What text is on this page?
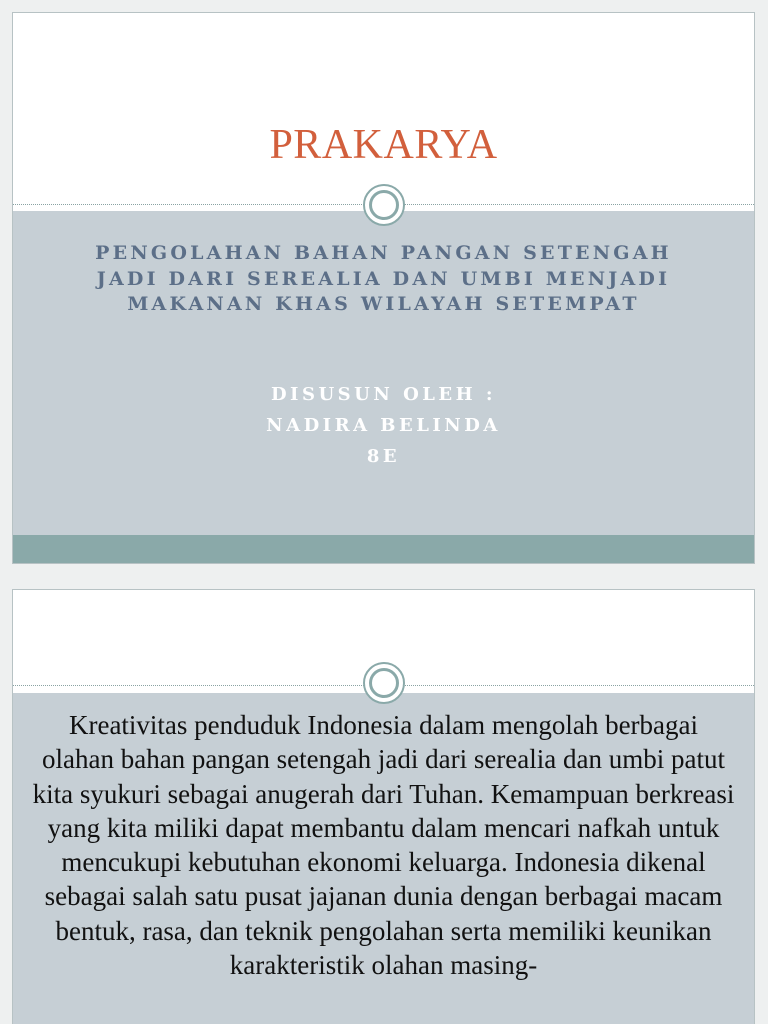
PRAKARYA
PENGOLAHAN BAHAN PANGAN SETENGAH JADI DARI SEREALIA DAN UMBI MENJADI MAKANAN KHAS WILAYAH SETEMPAT
DISUSUN OLEH :
NADIRA BELINDA
8E
Kreativitas penduduk Indonesia dalam mengolah berbagai olahan bahan pangan setengah jadi dari serealia dan umbi patut kita syukuri sebagai anugerah dari Tuhan. Kemampuan berkreasi yang kita miliki dapat membantu dalam mencari nafkah untuk mencukupi kebutuhan ekonomi keluarga. Indonesia dikenal sebagai salah satu pusat jajanan dunia dengan berbagai macam bentuk, rasa, dan teknik pengolahan serta memiliki keunikan karakteristik olahan masing-
